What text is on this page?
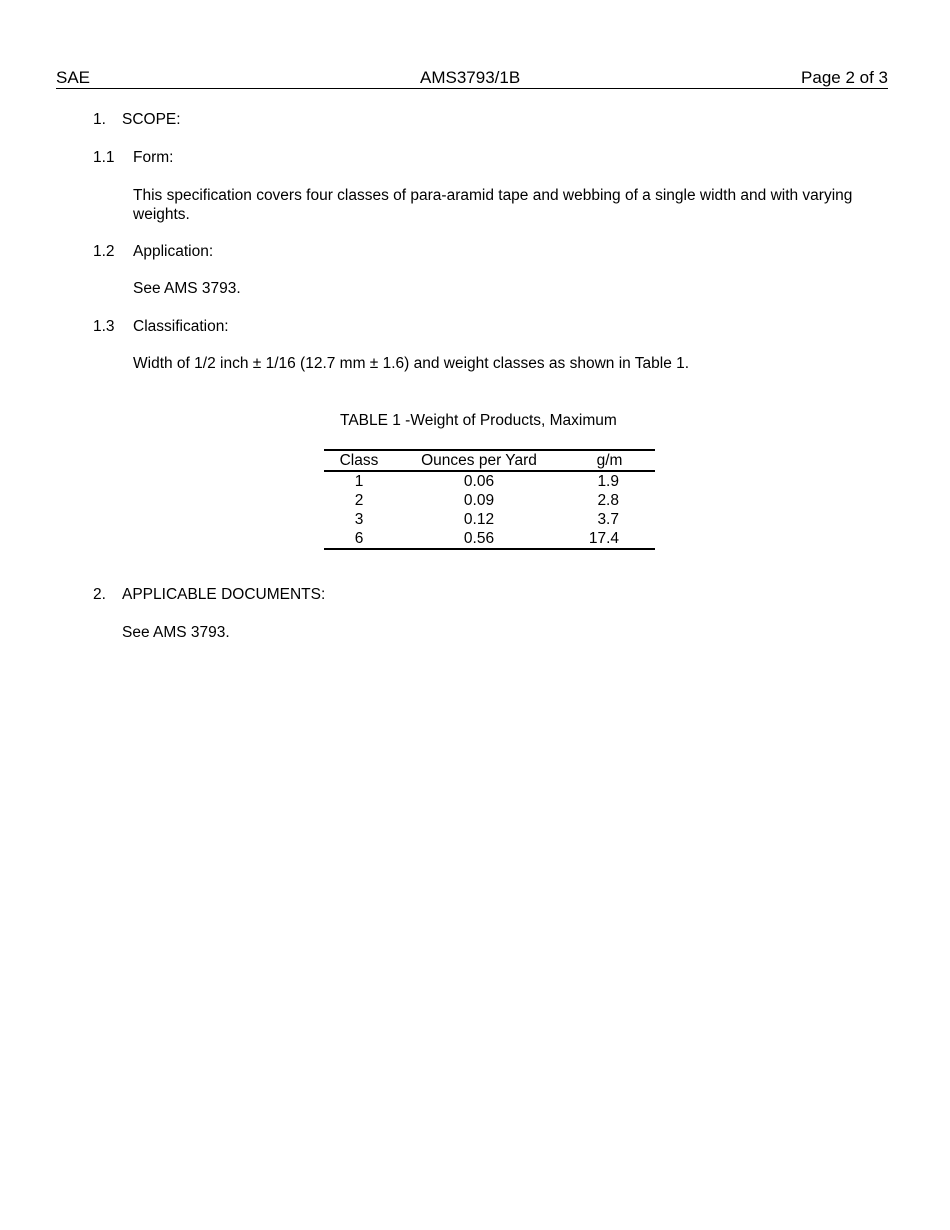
SAE	AMS3793/1B	Page 2 of 3
1. SCOPE:
1.1 Form:
This specification covers four classes of para-aramid tape and webbing of a single width and with varying weights.
1.2 Application:
See AMS 3793.
1.3 Classification:
Width of 1/2 inch ± 1/16 (12.7 mm ± 1.6) and weight classes as shown in Table 1.
TABLE 1 -Weight of Products, Maximum
Class	Ounces per Yard	g/m
1	0.06	1.9
2	0.09	2.8
3	0.12	3.7
6	0.56	17.4
2. APPLICABLE DOCUMENTS:
See AMS 3793.
